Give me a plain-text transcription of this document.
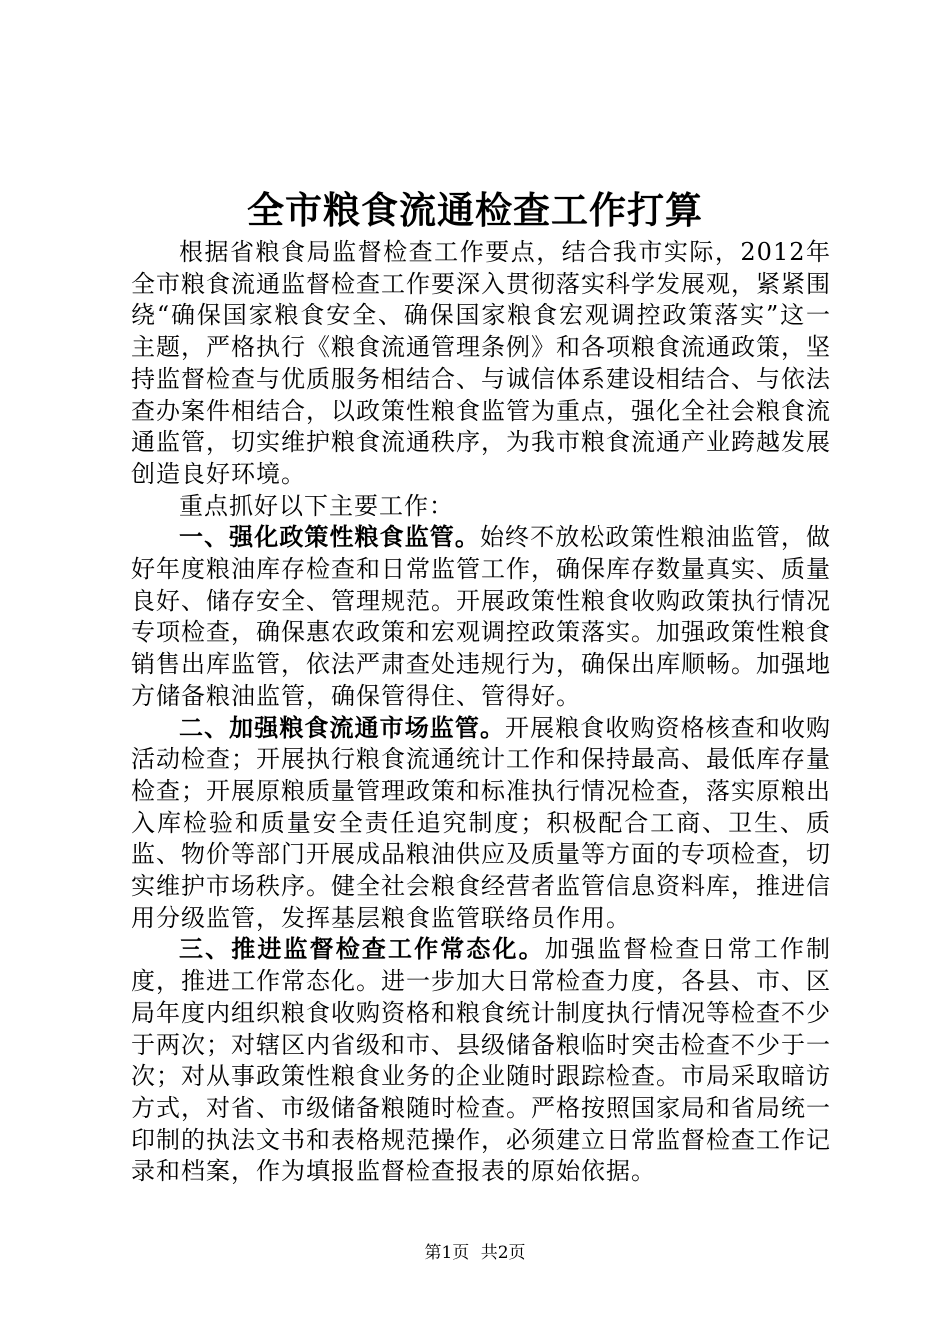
全市粮食流通检查工作打算

根据省粮食局监督检查工作要点，结合我市实际，2012年全市粮食流通监督检查工作要深入贯彻落实科学发展观，紧紧围绕“确保国家粮食安全、确保国家粮食宏观调控政策落实”这一主题，严格执行《粮食流通管理条例》和各项粮食流通政策，坚持监督检查与优质服务相结合、与诚信体系建设相结合、与依法查办案件相结合，以政策性粮食监管为重点，强化全社会粮食流通监管，切实维护粮食流通秩序，为我市粮食流通产业跨越发展创造良好环境。

重点抓好以下主要工作：

一、强化政策性粮食监管。始终不放松政策性粮油监管，做好年度粮油库存检查和日常监管工作，确保库存数量真实、质量良好、储存安全、管理规范。开展政策性粮食收购政策执行情况专项检查，确保惠农政策和宏观调控政策落实。加强政策性粮食销售出库监管，依法严肃查处违规行为，确保出库顺畅。加强地方储备粮油监管，确保管得住、管得好。

二、加强粮食流通市场监管。开展粮食收购资格核查和收购活动检查；开展执行粮食流通统计工作和保持最高、最低库存量检查；开展原粮质量管理政策和标准执行情况检查，落实原粮出入库检验和质量安全责任追究制度；积极配合工商、卫生、质监、物价等部门开展成品粮油供应及质量等方面的专项检查，切实维护市场秩序。健全社会粮食经营者监管信息资料库，推进信用分级监管，发挥基层粮食监管联络员作用。

三、推进监督检查工作常态化。加强监督检查日常工作制度，推进工作常态化。进一步加大日常检查力度，各县、市、区局年度内组织粮食收购资格和粮食统计制度执行情况等检查不少于两次；对辖区内省级和市、县级储备粮临时突击检查不少于一次；对从事政策性粮食业务的企业随时跟踪检查。市局采取暗访方式，对省、市级储备粮随时检查。严格按照国家局和省局统一印制的执法文书和表格规范操作，必须建立日常监督检查工作记录和档案，作为填报监督检查报表的原始依据。

第1页 共2页
